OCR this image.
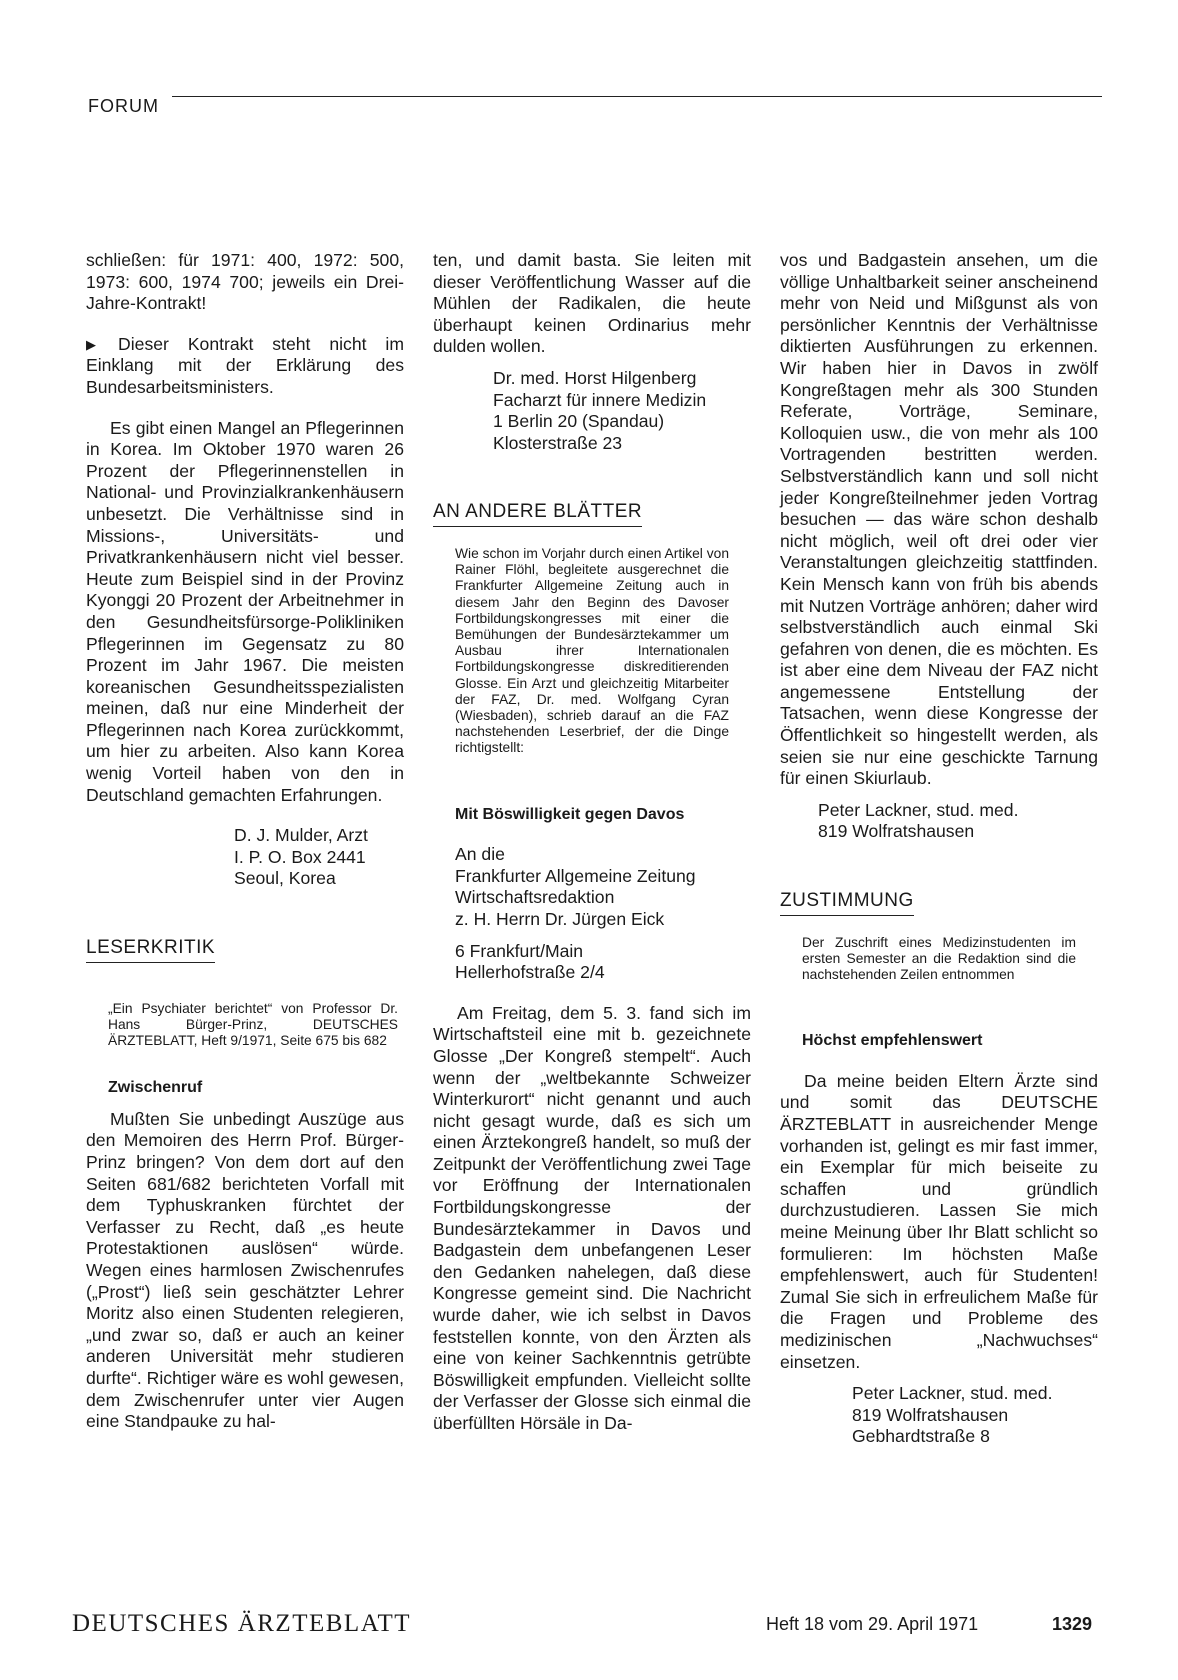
FORUM

schließen: für 1971: 400, 1972: 500, 1973: 600, 1974 700; jeweils ein Drei-Jahre-Kontrakt!

▶ Dieser Kontrakt steht nicht im Einklang mit der Erklärung des Bundesarbeitsministers.

Es gibt einen Mangel an Pflegerinnen in Korea. Im Oktober 1970 waren 26 Prozent der Pflegerinnenstellen in National- und Provinzialkrankenhäusern unbesetzt. Die Verhältnisse sind in Missions-, Universitäts- und Privatkrankenhäusern nicht viel besser. Heute zum Beispiel sind in der Provinz Kyonggi 20 Prozent der Arbeitnehmer in den Gesundheitsfürsorge-Polikliniken Pflegerinnen im Gegensatz zu 80 Prozent im Jahr 1967. Die meisten koreanischen Gesundheitsspezialisten meinen, daß nur eine Minderheit der Pflegerinnen nach Korea zurückkommt, um hier zu arbeiten. Also kann Korea wenig Vorteil haben von den in Deutschland gemachten Erfahrungen.

D. J. Mulder, Arzt

I. P. O. Box 2441

Seoul, Korea

LESERKRITIK
„Ein Psychiater berichtet“ von Professor Dr. Hans Bürger-Prinz, DEUTSCHES ÄRZTEBLATT, Heft 9/1971, Seite 675 bis 682
Zwischenruf

Mußten Sie unbedingt Auszüge aus den Memoiren des Herrn Prof. Bürger-Prinz bringen? Von dem dort auf den Seiten 681/682 berichteten Vorfall mit dem Typhuskranken fürchtet der Verfasser zu Recht, daß „es heute Protestaktionen auslösen“ würde. Wegen eines harmlosen Zwischenrufes („Prost“) ließ sein geschätzter Lehrer Moritz also einen Studenten relegieren, „und zwar so, daß er auch an keiner anderen Universität mehr studieren durfte“. Richtiger wäre es wohl gewesen, dem Zwischenrufer unter vier Augen eine Standpauke zu hal-

ten, und damit basta. Sie leiten mit dieser Veröffentlichung Wasser auf die Mühlen der Radikalen, die heute überhaupt keinen Ordinarius mehr dulden wollen.

Dr. med. Horst Hilgenberg

Facharzt für innere Medizin

1 Berlin 20 (Spandau)

Klosterstraße 23

AN ANDERE BLÄTTER
Wie schon im Vorjahr durch einen Artikel von Rainer Flöhl, begleitete ausgerechnet die Frankfurter Allgemeine Zeitung auch in diesem Jahr den Beginn des Davoser Fortbildungskongresses mit einer die Bemühungen der Bundesärztekammer um Ausbau ihrer Internationalen Fortbildungskongresse diskreditierenden Glosse. Ein Arzt und gleichzeitig Mitarbeiter der FAZ, Dr. med. Wolfgang Cyran (Wiesbaden), schrieb darauf an die FAZ nachstehenden Leserbrief, der die Dinge richtigstellt:
Mit Böswilligkeit gegen Davos

An die

Frankfurter Allgemeine Zeitung

Wirtschaftsredaktion

z. H. Herrn Dr. Jürgen Eick

6 Frankfurt/Main

Hellerhofstraße 2/4

Am Freitag, dem 5. 3. fand sich im Wirtschaftsteil eine mit b. gezeichnete Glosse „Der Kongreß stempelt“. Auch wenn der „weltbekannte Schweizer Winterkurort“ nicht genannt und auch nicht gesagt wurde, daß es sich um einen Ärztekongreß handelt, so muß der Zeitpunkt der Veröffentlichung zwei Tage vor Eröffnung der Internationalen Fortbildungskongresse der Bundesärztekammer in Davos und Badgastein dem unbefangenen Leser den Gedanken nahelegen, daß diese Kongresse gemeint sind. Die Nachricht wurde daher, wie ich selbst in Davos feststellen konnte, von den Ärzten als eine von keiner Sachkenntnis getrübte Böswilligkeit empfunden. Vielleicht sollte der Verfasser der Glosse sich einmal die überfüllten Hörsäle in Da-

vos und Badgastein ansehen, um die völlige Unhaltbarkeit seiner anscheinend mehr von Neid und Mißgunst als von persönlicher Kenntnis der Verhältnisse diktierten Ausführungen zu erkennen. Wir haben hier in Davos in zwölf Kongreßtagen mehr als 300 Stunden Referate, Vorträge, Seminare, Kolloquien usw., die von mehr als 100 Vortragenden bestritten werden. Selbstverständlich kann und soll nicht jeder Kongreßteilnehmer jeden Vortrag besuchen — das wäre schon deshalb nicht möglich, weil oft drei oder vier Veranstaltungen gleichzeitig stattfinden. Kein Mensch kann von früh bis abends mit Nutzen Vorträge anhören; daher wird selbstverständlich auch einmal Ski gefahren von denen, die es möchten. Es ist aber eine dem Niveau der FAZ nicht angemessene Entstellung der Tatsachen, wenn diese Kongresse der Öffentlichkeit so hingestellt werden, als seien sie nur eine geschickte Tarnung für einen Skiurlaub.

Peter Lackner, stud. med.

819 Wolfratshausen

ZUSTIMMUNG
Der Zuschrift eines Medizinstudenten im ersten Semester an die Redaktion sind die nachstehenden Zeilen entnommen
Höchst empfehlenswert

Da meine beiden Eltern Ärzte sind und somit das DEUTSCHE ÄRZTEBLATT in ausreichender Menge vorhanden ist, gelingt es mir fast immer, ein Exemplar für mich beiseite zu schaffen und gründlich durchzustudieren. Lassen Sie mich meine Meinung über Ihr Blatt schlicht so formulieren: Im höchsten Maße empfehlenswert, auch für Studenten! Zumal Sie sich in erfreulichem Maße für die Fragen und Probleme des medizinischen „Nachwuchses“ einsetzen.

Peter Lackner, stud. med.

819 Wolfratshausen

Gebhardtstraße 8

DEUTSCHES ÄRZTEBLATT	Heft 18 vom 29. April 1971	1329
